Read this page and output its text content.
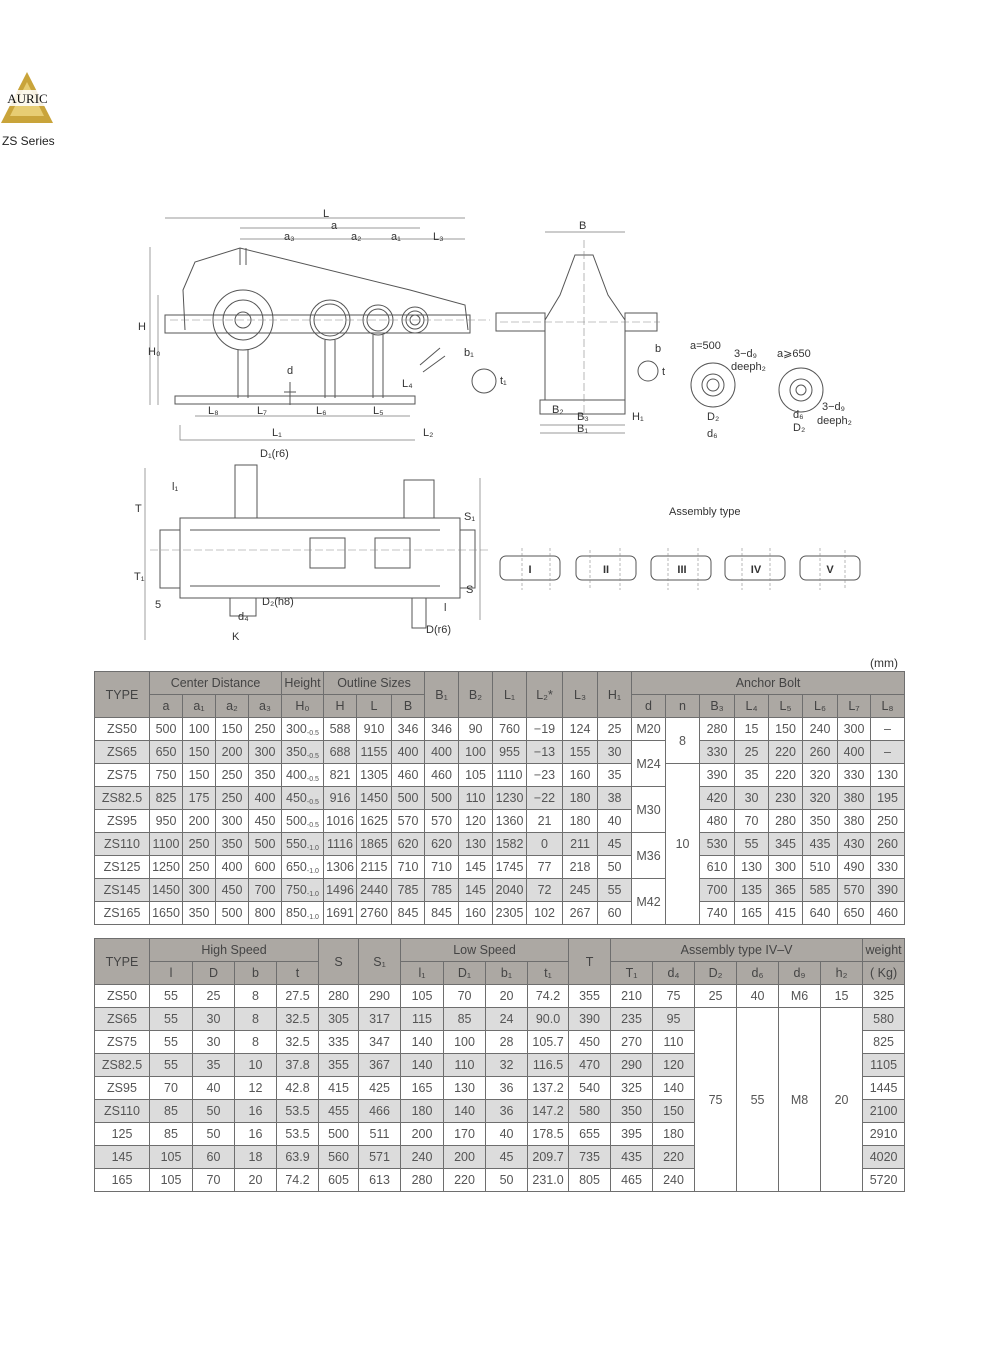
AURIC
ZS Series
L
a
a₃	a₂	a₁	L₃
H
H₀
d
L₈	L₇	L₆	L₅
L₁	L₂
L₄
b₁
t₁
B
b
t
B₂
B₃
B₁
H₁
a=500
3−d₉
deeph₂
a⩾650
3−d₉
deeph₂
D₂
d₆
d₆
D₂
D₁(r6)
l₁
T
T₁
5	D₂(h8)
d₄
K
S₁
S
l
D(r6)
Assembly type
I	II	III	IV	V
(mm)
TYPE	Center Distance				Height	Outline Sizes			B₁	B₂	L₁	L₂*	L₃	H₁	Anchor Bolt							
	a	a₁	a₂	a₃	H₀	H	L	B							d	n	B₃	L₄	L₅	L₆	L₇	L₈
ZS50	500	100	150	250	$300_{-0.5}$	588	910	346	346	90	760	−19	124	25	M20	8	280	15	150	240	300	–
ZS65	650	150	200	300	$350_{-0.5}$	688	1155	400	400	100	955	−13	155	30	M24		330	25	220	260	400	–
ZS75	750	150	250	350	$400_{-0.5}$	821	1305	460	460	105	1110	−23	160	35		10	390	35	220	320	330	130
ZS82.5	825	175	250	400	$450_{-0.5}$	916	1450	500	500	110	1230	−22	180	38	M30		420	30	230	320	380	195
ZS95	950	200	300	450	$500_{-0.5}$	1016	1625	570	570	120	1360	21	180	40			480	70	280	350	380	250
ZS110	1100	250	350	500	$550_{-1.0}$	1116	1865	620	620	130	1582	0	211	45	M36		530	55	345	435	430	260
ZS125	1250	250	400	600	$650_{-1.0}$	1306	2115	710	710	145	1745	77	218	50			610	130	300	510	490	330
ZS145	1450	300	450	700	$750_{-1.0}$	1496	2440	785	785	145	2040	72	245	55	M42		700	135	365	585	570	390
ZS165	1650	350	500	800	$850_{-1.0}$	1691	2760	845	845	160	2305	102	267	60			740	165	415	640	650	460
TYPE	High Speed				S	S₁	Low Speed				T	Assembly type IV–V						weight
	l	D	b	t			l₁	D₁	b₁	t₁		T₁	d₄	D₂	d₆	d₉	h₂	( Kg)
ZS50	55	25	8	27.5	280	290	105	70	20	74.2	355	210	75	25	40	M6	15	325
ZS65	55	30	8	32.5	305	317	115	85	24	90.0	390	235	95	75	55	M8	20	580
ZS75	55	30	8	32.5	335	347	140	100	28	105.7	450	270	110					825
ZS82.5	55	35	10	37.8	355	367	140	110	32	116.5	470	290	120					1105
ZS95	70	40	12	42.8	415	425	165	130	36	137.2	540	325	140					1445
ZS110	85	50	16	53.5	455	466	180	140	36	147.2	580	350	150					2100
125	85	50	16	53.5	500	511	200	170	40	178.5	655	395	180					2910
145	105	60	18	63.9	560	571	240	200	45	209.7	735	435	220					4020
165	105	70	20	74.2	605	613	280	220	50	231.0	805	465	240					5720
